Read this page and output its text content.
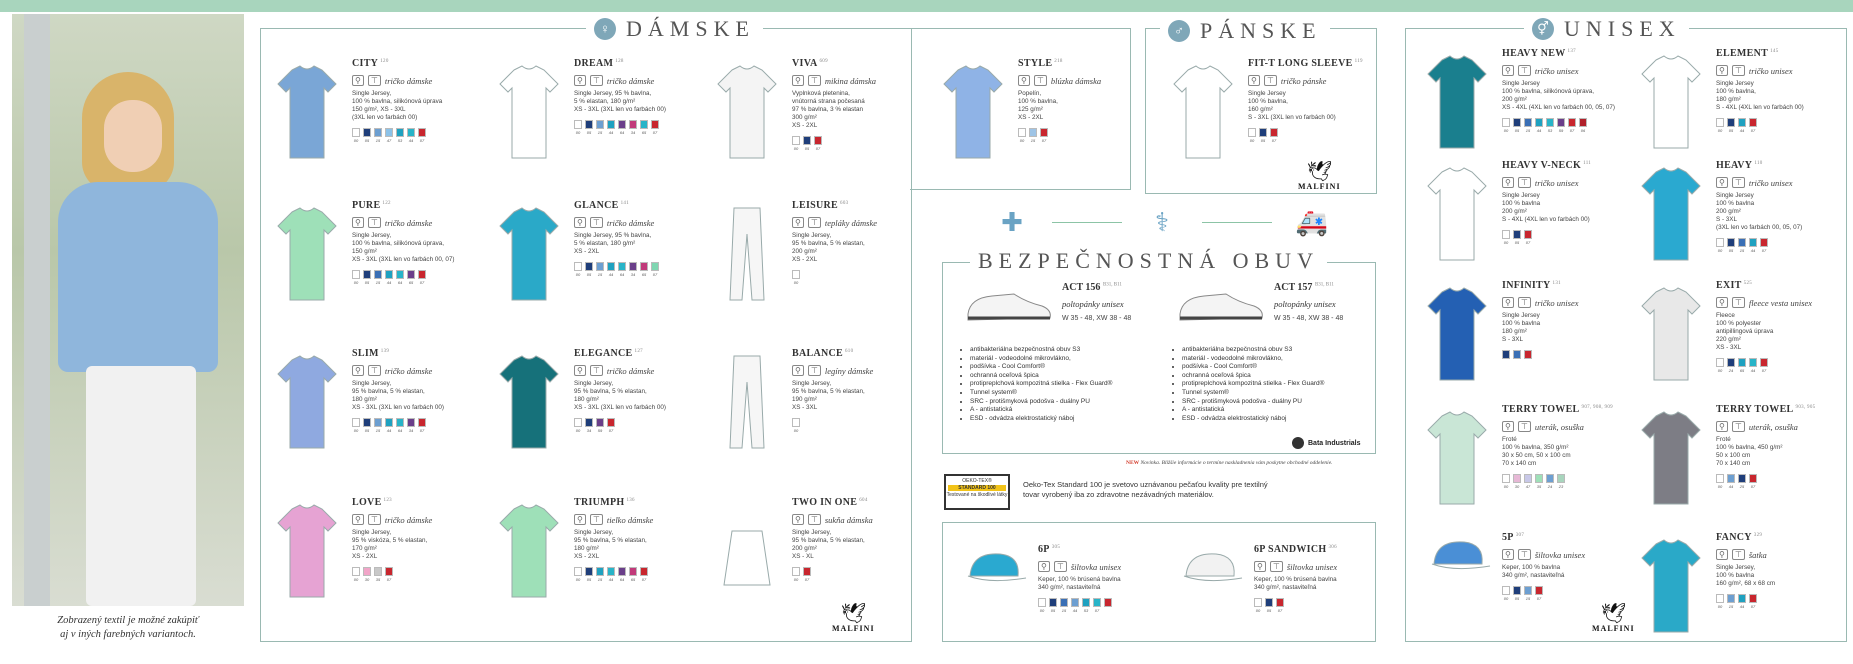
Zobrazený textil je možné zakúpiť
aj v iných farebných variantoch.
♀ DÁMSKE	♂ PÁNSKE	⚥ UNISEX
BEZPEČNOSTNÁ OBUV
CITY $^{120}$
⚲	⊤ tričko dámske
Single Jersey,
100 % bavlna, silikónová úprava
150 g/m², XS - 3XL
(3XL len vo farbách 00)
00	05	15	47	53	44	07
DREAM $^{128}$
⚲	⊤ tričko dámske
Single Jersey, 95 % bavlna,
5 % elastan, 180 g/m²
XS - 3XL (3XL len vo farbách 00)
00	05	15	44	64	34	65	07
VIVA $^{609}$
⚲	⊤ mikina dámska
Vyplnková pletenina,
vnútorná strana počesaná
97 % bavlna, 3 % elastan
300 g/m²
XS - 2XL
00	05	07
PURE $^{122}$
⚲	⊤ tričko dámske
Single Jersey,
100 % bavlna, silikónová úprava,
150 g/m²
XS - 3XL (3XL len vo farbách 00, 07)
00	05	15	44	64	65	07
GLANCE $^{141}$
⚲	⊤ tričko dámske
Single Jersey, 95 % bavlna,
5 % elastan, 180 g/m²
XS - 2XL
00	05	15	44	64	34	65	07
LEISURE $^{603}$
⚲	⊤ tepláky dámske
Single Jersey,
95 % bavlna, 5 % elastan,
200 g/m²
XS - 2XL
00
SLIM $^{139}$
⚲	⊤ tričko dámske
Single Jersey,
95 % bavlna, 5 % elastan,
180 g/m²
XS - 3XL (3XL len vo farbách 00)
00	05	15	44	64	34	07
ELEGANCE $^{127}$
⚲	⊤ tričko dámske
Single Jersey,
95 % bavlna, 5 % elastan,
180 g/m²
XS - 3XL (3XL len vo farbách 00)
00	34	59	07
BALANCE $^{610}$
⚲	⊤ legíny dámske
Single Jersey,
95 % bavlna, 5 % elastan,
190 g/m²
XS - 3XL
00
LOVE $^{123}$
⚲	⊤ tričko dámske
Single Jersey,
95 % viskóza, 5 % elastan,
170 g/m²
XS - 2XL
00	30	35	07
TRIUMPH $^{136}$
⚲	⊤ tielko dámske
Single Jersey,
95 % bavlna, 5 % elastan,
180 g/m²
XS - 2XL
00	05	15	44	64	65	07
TWO IN ONE $^{604}$
⚲	⊤ sukňa dámska
Single Jersey,
95 % bavlna, 5 % elastan,
200 g/m²
XS - XL
00	07
STYLE $^{218}$
⚲	⊤ blúzka dámska
Popelín,
100 % bavlna,
125 g/m²
XS - 2XL
00	15	07
FIT-T LONG SLEEVE $^{119}$
⚲	⊤ tričko pánske
Single Jersey
100 % bavlna,
160 g/m²
S - 3XL (3XL len vo farbách 00)
00	05	07
HEAVY NEW $^{137}$
⚲	⊤ tričko unisex
Single Jersey
100 % bavlna, silikónová úprava,
200 g/m²
XS - 4XL (4XL len vo farbách 00, 05, 07)
00	05	15	44	53	59	07	06
ELEMENT $^{145}$
⚲	⊤ tričko unisex
Single Jersey
100 % bavlna,
180 g/m²
S - 4XL (4XL len vo farbách 00)
00	05	44	07
HEAVY V-NECK $^{111}$
⚲	⊤ tričko unisex
Single Jersey
100 % bavlna
200 g/m²
S - 4XL (4XL len vo farbách 00)
00	05	07
HEAVY $^{110}$
⚲	⊤ tričko unisex
Single Jersey
100 % bavlna
200 g/m²
S - 3XL
(3XL len vo farbách 00, 05, 07)
00	05	15	44	07
INFINITY $^{131}$
⚲	⊤ tričko unisex
Single Jersey
100 % bavlna
180 g/m²
S - 3XL
EXIT $^{525}$
⚲	⊤ fleece vesta unisex
Fleece
100 % polyester
antipillingová úprava
220 g/m²
XS - 3XL
00	24	65	44	07
TERRY TOWEL $^{907, 908, 909}$
⚲	⊤ uterák, osuška
Froté
100 % bavlna, 350 g/m²
30 x 50 cm, 50 x 100 cm
70 x 140 cm
00	30	47	35	24	23
TERRY TOWEL $^{903, 905}$
⚲	⊤ uterák, osuška
Froté
100 % bavlna, 450 g/m²
50 x 100 cm
70 x 140 cm
00	44	25	07
5P $^{307}$
⚲	⊤ šiltovka unisex
Keper, 100 % bavlna
340 g/m², nastaviteľná
00	05	15	07
FANCY $^{329}$
⚲	⊤ šatka
Single Jersey,
100 % bavlna
160 g/m², 68 x 68 cm
00	15	44	07
6P $^{305}$
⚲	⊤ šiltovka unisex
Keper, 100 % brúsená bavlna
340 g/m², nastaviteľná
00	05	15	44	53	07
6P SANDWICH $^{306}$
⚲	⊤ šiltovka unisex
Keper, 100 % brúsená bavlna
340 g/m², nastaviteľná
00	05	07
✚	⚕	🚑
ACT 156 $^{B31, B11}$
poltopánky unisex
W 35 - 48, XW 38 - 48
• antibakteriálna bezpečnostná obuv S3
• materiál - vodeodolné mikrovlákno,
• podšívka - Cool Comfort®
• ochranná oceľová špica
• protipreplchová kompozitná stielka - Flex Guard®
• Tunnel system®
• SRC - protišmyková podošva - duálny PU
• A - antistatická
• ESD - odvádza elektrostatický náboj
ACT 157 $^{B31, B11}$
poltopánky unisex
W 35 - 48, XW 38 - 48
• antibakteriálna bezpečnostná obuv S3
• materiál - vodeodolné mikrovlákno,
• podšívka - Cool Comfort®
• ochranná oceľová špica
• protipreplchová kompozitná stielka - Flex Guard®
• Tunnel system®
• SRC - protišmyková podošva - duálny PU
• A - antistatická
• ESD - odvádza elektrostatický náboj
Bata Industrials
NEW Novinka. Bližšie informácie o termíne naskladnenia vám poskytne obchodné oddelenie.
OEKO-TEX®
STANDARD 100
Testované na škodlivé látky
Oeko-Tex Standard 100 je svetovo uznávanou pečaťou kvality pre textilný
tovar vyrobený iba zo zdravotne nezávadných materiálov.
🕊
MALFINI
🕊
MALFINI
🕊
MALFINI
